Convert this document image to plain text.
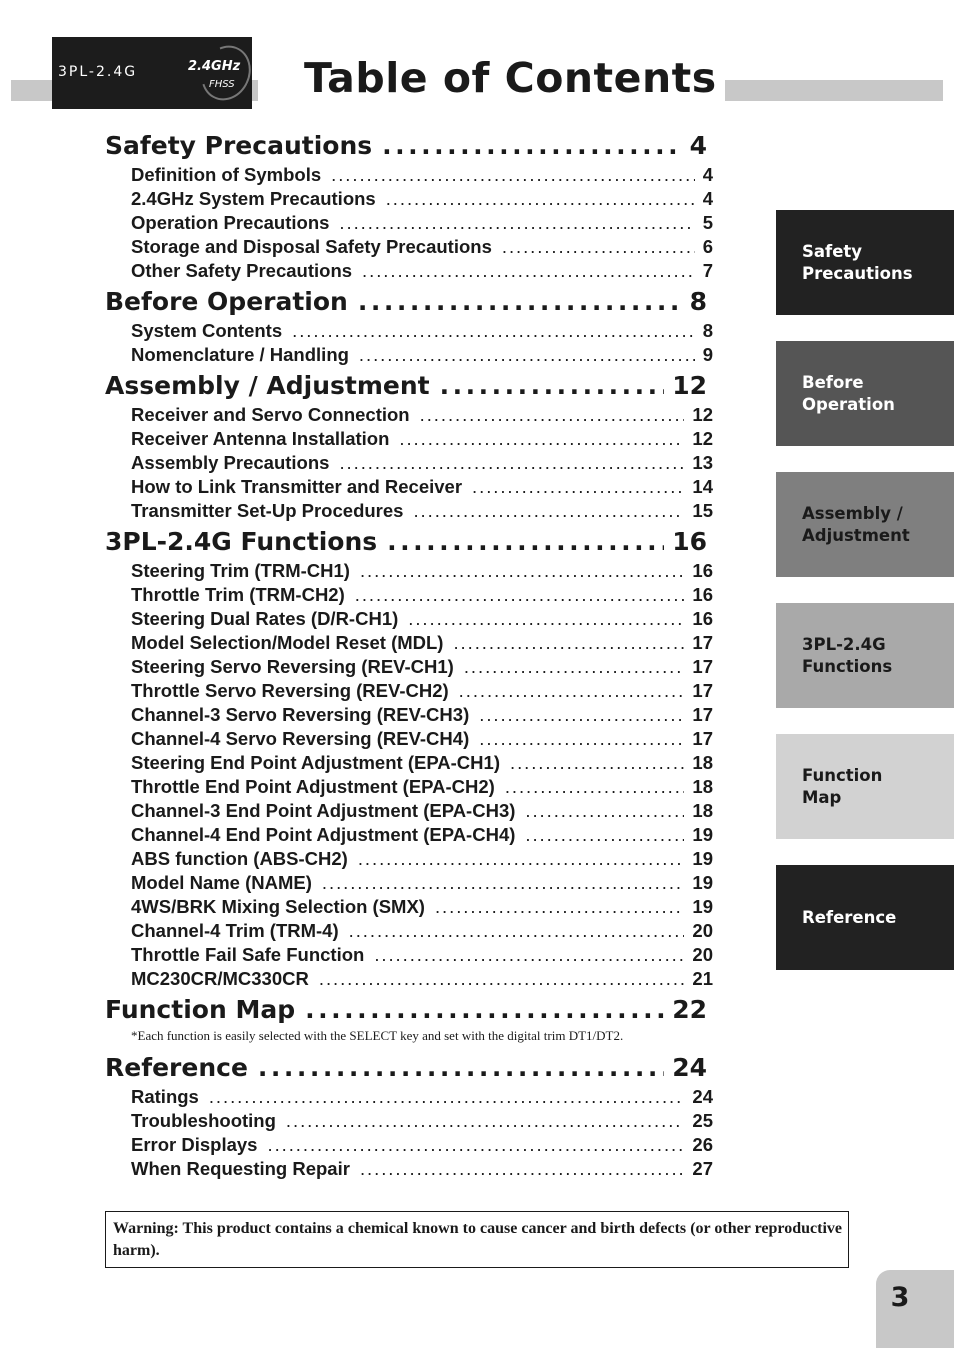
3PL-2.4G	2.4GHz
FHSS Table of Contents
Safety Precautions . . .	4
Definition of Symbols . . .	4
2.4GHz System Precautions . . .	4
Operation Precautions . . .	5
Storage and Disposal Safety Precautions . . .	6
Other Safety Precautions . . .	7
Before Operation . . .	8
System Contents . . .	8
Nomenclature / Handling . . .	9
Assembly / Adjustment . . .	12
Receiver and Servo Connection . . .	12
Receiver Antenna Installation . . .	12
Assembly Precautions . . .	13
How to Link Transmitter and Receiver . . .	14
Transmitter Set-Up Procedures . . .	15
3PL-2.4G Functions . . .	16
Steering Trim (TRM-CH1) . . .	16
Throttle Trim (TRM-CH2) . . .	16
Steering Dual Rates (D/R-CH1) . . .	16
Model Selection/Model Reset (MDL) . . .	17
Steering Servo Reversing (REV-CH1) . . .	17
Throttle Servo Reversing (REV-CH2) . . .	17
Channel-3 Servo Reversing (REV-CH3) . . .	17
Channel-4 Servo Reversing (REV-CH4) . . .	17
Steering End Point Adjustment (EPA-CH1) . . .	18
Throttle End Point Adjustment (EPA-CH2) . . .	18
Channel-3 End Point Adjustment (EPA-CH3) . . .	18
Channel-4 End Point Adjustment (EPA-CH4) . . .	19
ABS function (ABS-CH2) . . .	19
Model Name (NAME) . . .	19
4WS/BRK Mixing Selection (SMX) . . .	19
Channel-4 Trim (TRM-4) . . .	20
Throttle Fail Safe Function . . .	20
MC230CR/MC330CR . . .	21
Function Map . . .	22
*Each function is easily selected with the SELECT key and set with the digital trim DT1/DT2.
Reference . . .	24
Ratings . . .	24
Troubleshooting . . .	25
Error Displays . . .	26
When Requesting Repair . . .	27
Safety
Precautions
Before
Operation
Assembly /
Adjustment
3PL-2.4G
Functions
Function
Map
Reference
Warning: This product contains a chemical known to cause cancer and birth defects (or other reproductive harm).
3
